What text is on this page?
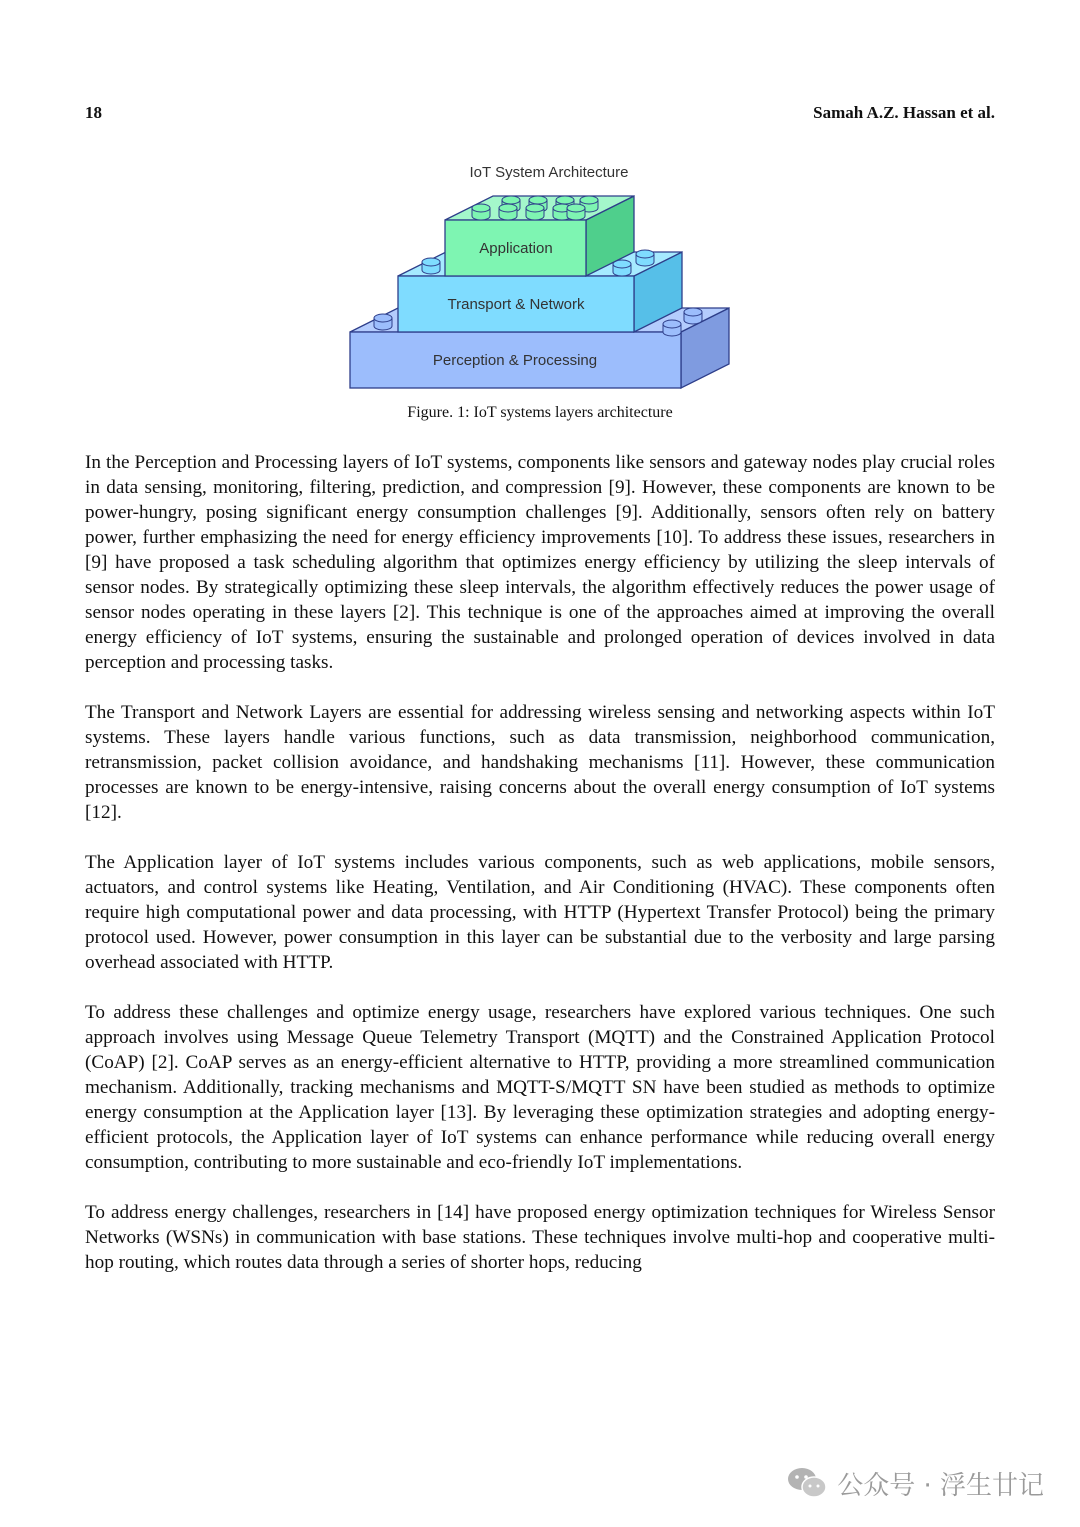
18	Samah A.Z. Hassan et al.
IoT System Architecture
Perception & Processing
Transport & Network
Application
Figure. 1: IoT systems layers architecture

In the Perception and Processing layers of IoT systems, components like sensors and gateway nodes play crucial roles in data sensing, monitoring, filtering, prediction, and compression [9]. However, these components are known to be power-hungry, posing significant energy consumption challenges [9]. Additionally, sensors often rely on battery power, further emphasizing the need for energy efficiency improvements [10]. To address these issues, researchers in [9] have proposed a task scheduling algorithm that optimizes energy efficiency by utilizing the sleep intervals of sensor nodes. By strategically optimizing these sleep intervals, the algorithm effectively reduces the power usage of sensor nodes operating in these layers [2]. This technique is one of the approaches aimed at improving the overall energy efficiency of IoT systems, ensuring the sustainable and prolonged operation of devices involved in data perception and processing tasks.

The Transport and Network Layers are essential for addressing wireless sensing and networking aspects within IoT systems. These layers handle various functions, such as data transmission, neighborhood communication, retransmission, packet collision avoidance, and handshaking mechanisms [11]. However, these communication processes are known to be energy-intensive, raising concerns about the overall energy consumption of IoT systems [12].

The Application layer of IoT systems includes various components, such as web applications, mobile sensors, actuators, and control systems like Heating, Ventilation, and Air Conditioning (HVAC). These components often require high computational power and data processing, with HTTP (Hypertext Transfer Protocol) being the primary protocol used. However, power consumption in this layer can be substantial due to the verbosity and large parsing overhead associated with HTTP.

To address these challenges and optimize energy usage, researchers have explored various techniques. One such approach involves using Message Queue Telemetry Transport (MQTT) and the Constrained Application Protocol (CoAP) [2]. CoAP serves as an energy-efficient alternative to HTTP, providing a more streamlined communication mechanism. Additionally, tracking mechanisms and MQTT-S/MQTT SN have been studied as methods to optimize energy consumption at the Application layer [13]. By leveraging these optimization strategies and adopting energy-efficient protocols, the Application layer of IoT systems can enhance performance while reducing overall energy consumption, contributing to more sustainable and eco-friendly IoT implementations.

To address energy challenges, researchers in [14] have proposed energy optimization techniques for Wireless Sensor Networks (WSNs) in communication with base stations. These techniques involve multi-hop and cooperative multi-hop routing, which routes data through a series of shorter hops, reducing

公众号 · 浮生廿记
